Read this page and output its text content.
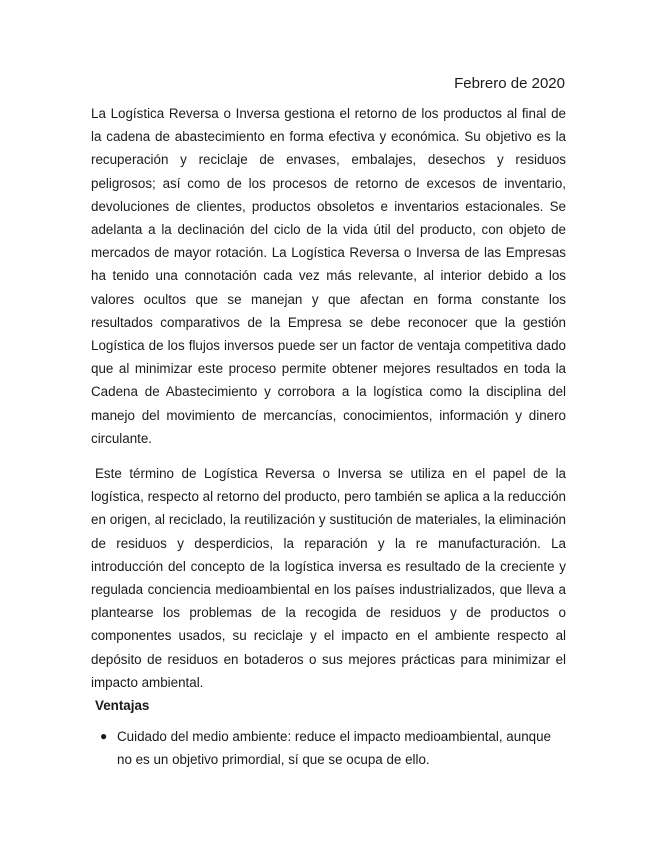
Febrero de 2020

La Logística Reversa o Inversa gestiona el retorno de los productos al final de la cadena de abastecimiento en forma efectiva y económica. Su objetivo es la recuperación y reciclaje de envases, embalajes, desechos y residuos peligrosos; así como de los procesos de retorno de excesos de inventario, devoluciones de clientes, productos obsoletos e inventarios estacionales. Se adelanta a la declinación del ciclo de la vida útil del producto, con objeto de mercados de mayor rotación. La Logística Reversa o Inversa de las Empresas ha tenido una connotación cada vez más relevante, al interior debido a los valores ocultos que se manejan y que afectan en forma constante los resultados comparativos de la Empresa se debe reconocer que la gestión Logística de los flujos inversos puede ser un factor de ventaja competitiva dado que al minimizar este proceso permite obtener mejores resultados en toda la Cadena de Abastecimiento y corrobora a la logística como la disciplina del manejo del movimiento de mercancías, conocimientos, información y dinero circulante.

Este término de Logística Reversa o Inversa se utiliza en el papel de la logística, respecto al retorno del producto, pero también se aplica a la reducción en origen, al reciclado, la reutilización y sustitución de materiales, la eliminación de residuos y desperdicios, la reparación y la re manufacturación. La introducción del concepto de la logística inversa es resultado de la creciente y regulada conciencia medioambiental en los países industrializados, que lleva a plantearse los problemas de la recogida de residuos y de productos o componentes usados, su reciclaje y el impacto en el ambiente respecto al depósito de residuos en botaderos o sus mejores prácticas para minimizar el impacto ambiental.
Ventajas

● Cuidado del medio ambiente: reduce el impacto medioambiental, aunque no es un objetivo primordial, sí que se ocupa de ello.
